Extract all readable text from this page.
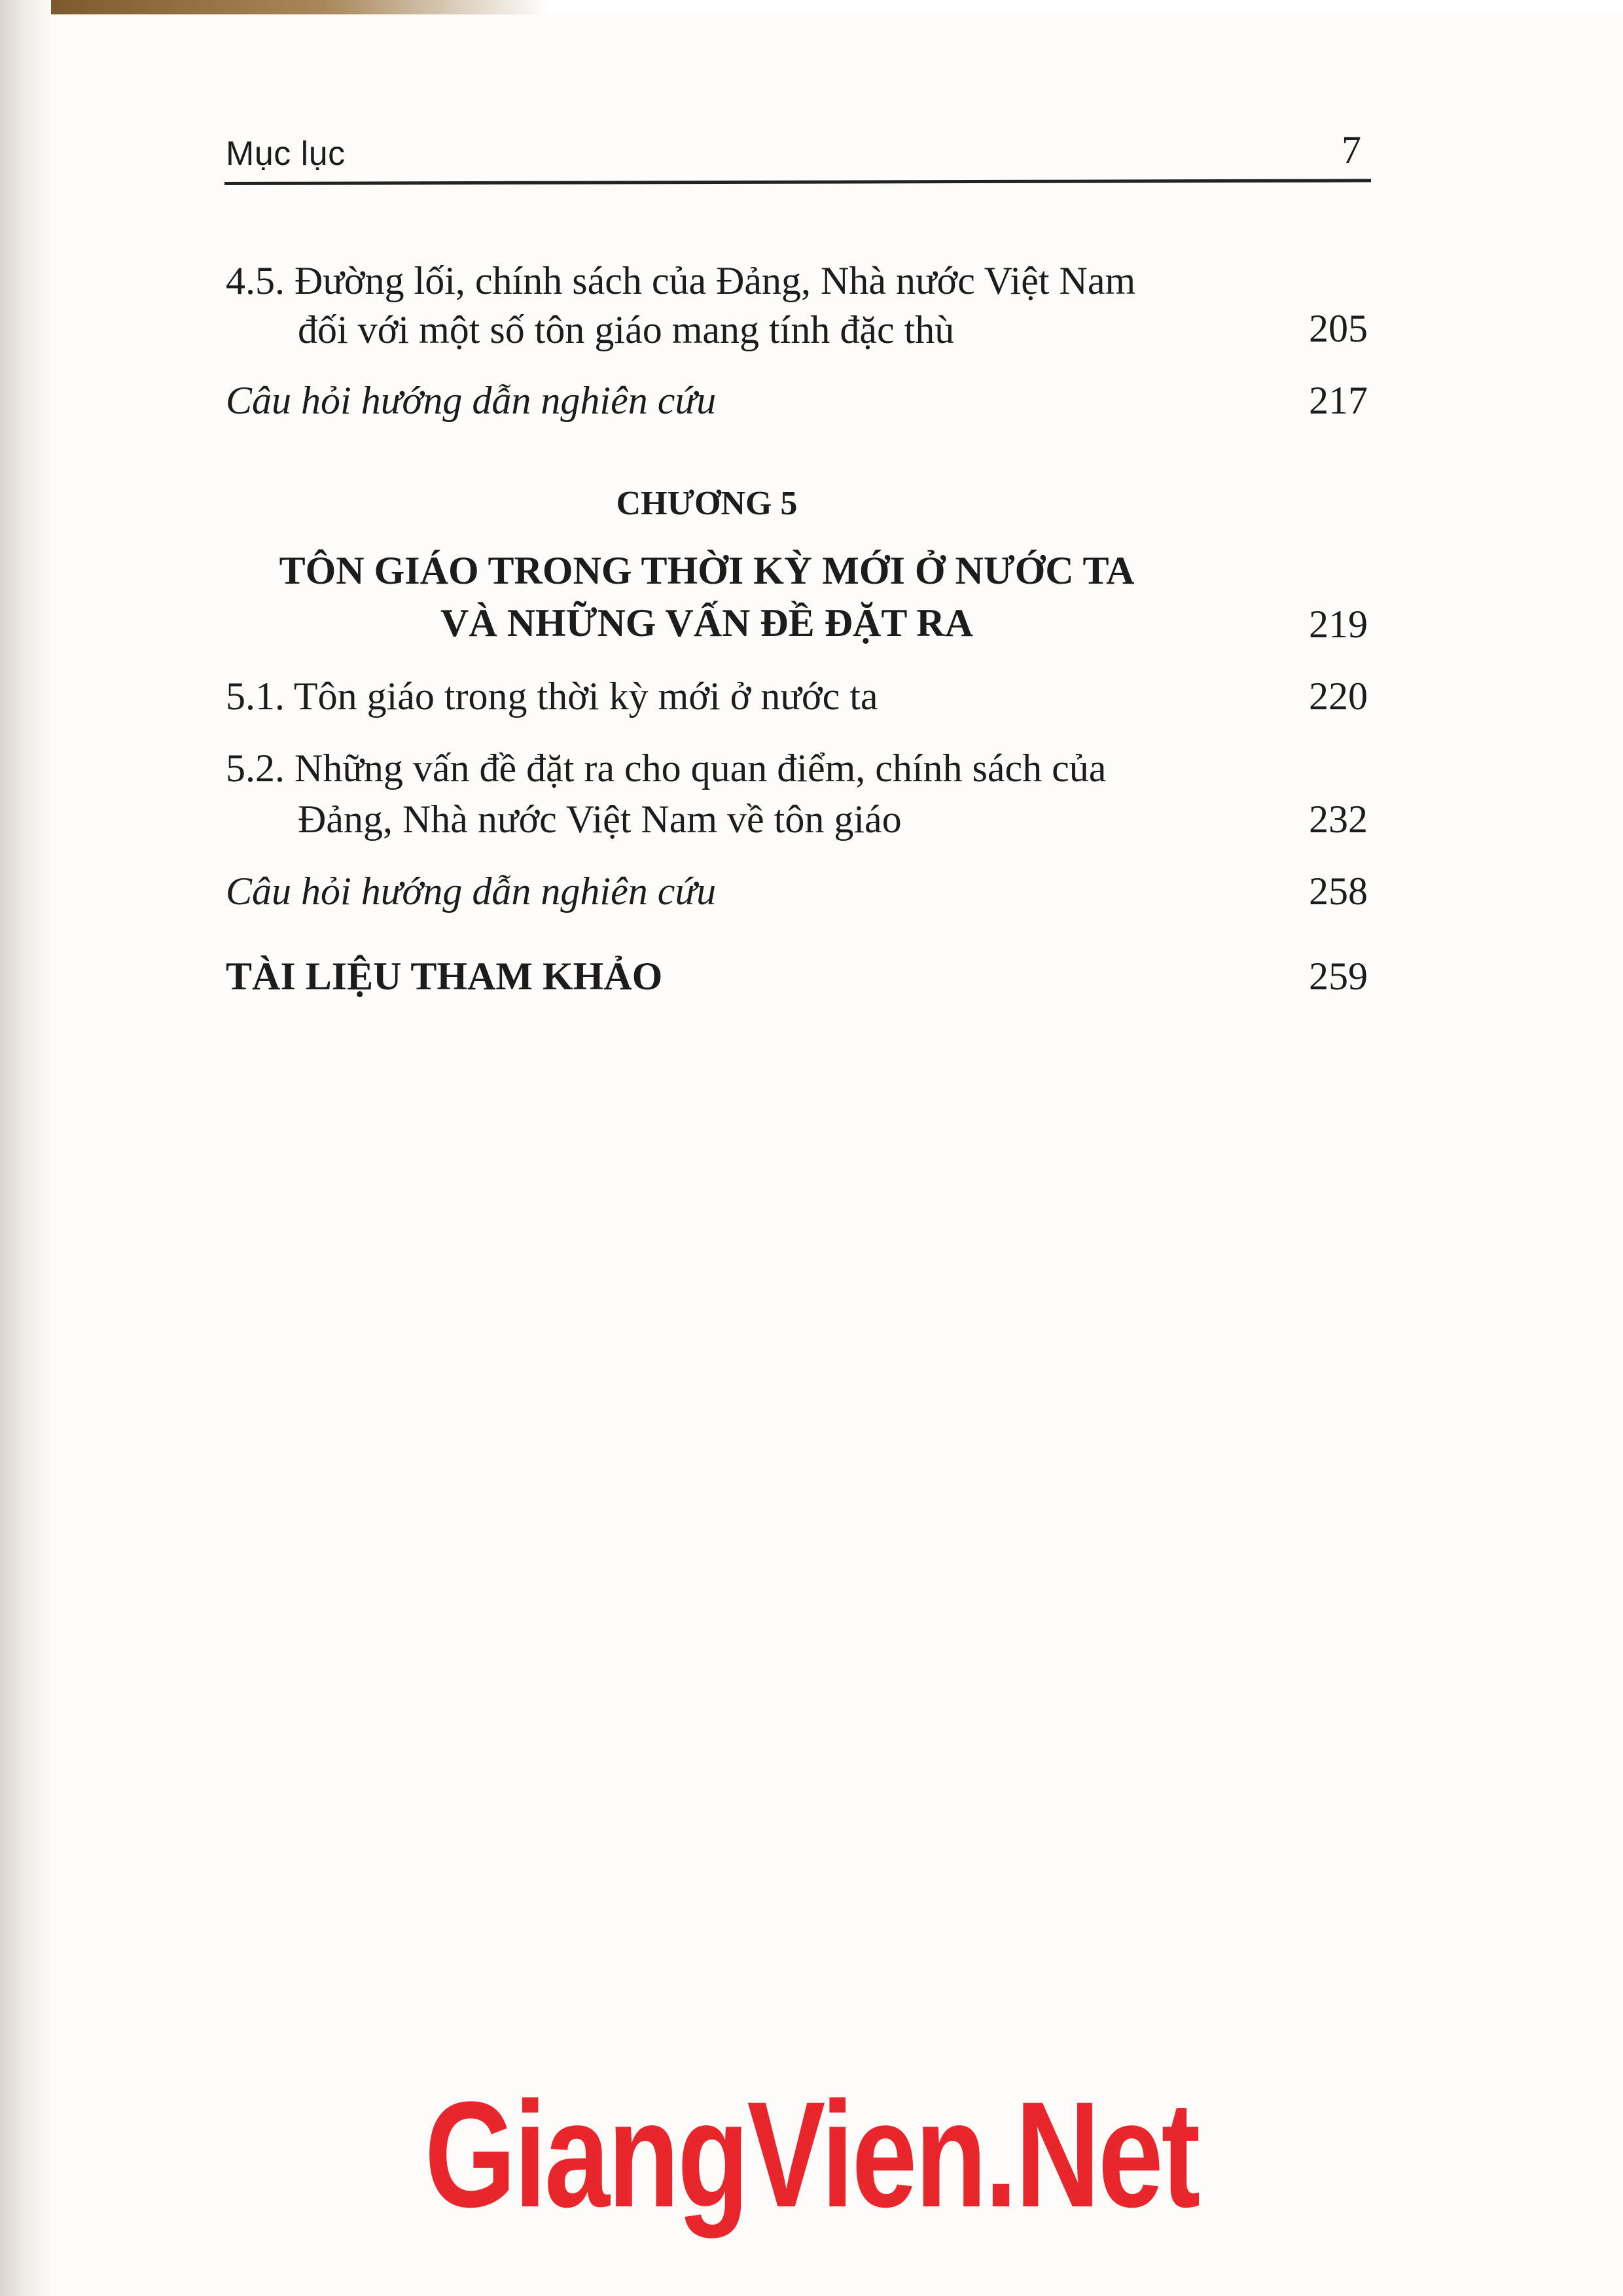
Mục lục	7
4.5. Đường lối, chính sách của Đảng, Nhà nước Việt Nam
đối với một số tôn giáo mang tính đặc thù	205
Câu hỏi hướng dẫn nghiên cứu	217
CHƯƠNG 5
TÔN GIÁO TRONG THỜI KỲ MỚI Ở NƯỚC TA
VÀ NHỮNG VẤN ĐỀ ĐẶT RA	219
5.1. Tôn giáo trong thời kỳ mới ở nước ta	220
5.2. Những vấn đề đặt ra cho quan điểm, chính sách của
Đảng, Nhà nước Việt Nam về tôn giáo	232
Câu hỏi hướng dẫn nghiên cứu	258
TÀI LIỆU THAM KHẢO	259
GiangVien.Net
